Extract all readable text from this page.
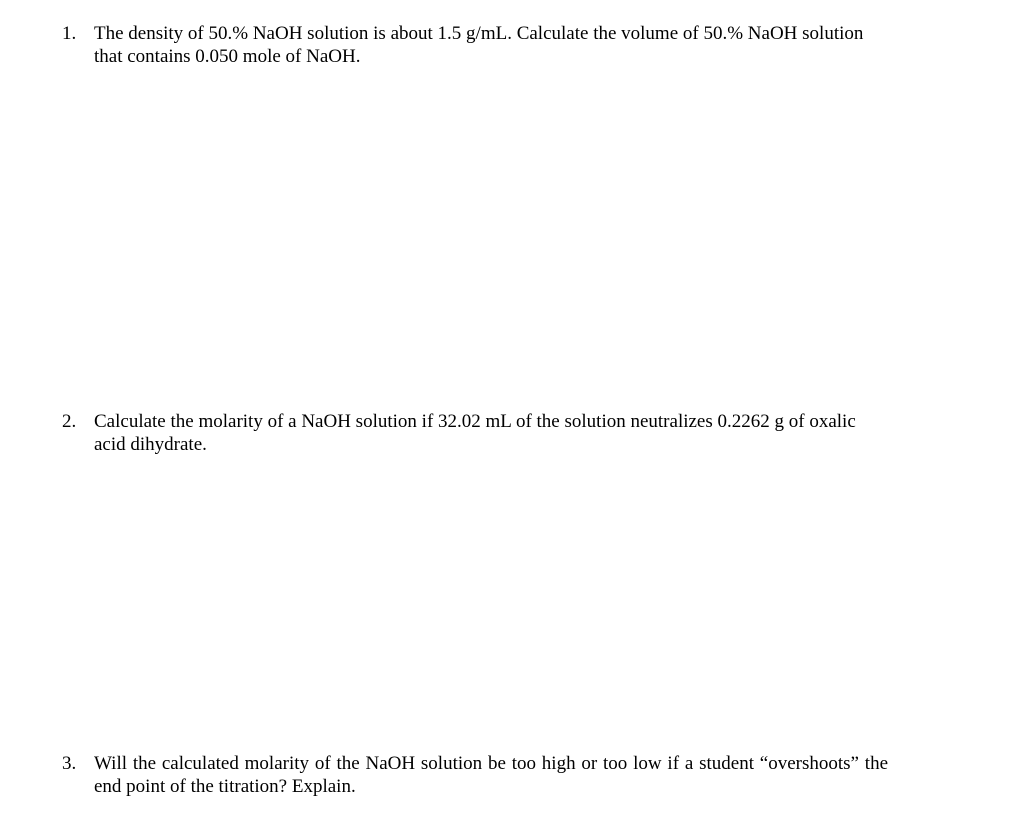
1. The density of 50.% NaOH solution is about 1.5 g/mL. Calculate the volume of 50.% NaOH solution that contains 0.050 mole of NaOH.
2. Calculate the molarity of a NaOH solution if 32.02 mL of the solution neutralizes 0.2262 g of oxalic acid dihydrate.
3. Will the calculated molarity of the NaOH solution be too high or too low if a student “overshoots” the end point of the titration? Explain.
